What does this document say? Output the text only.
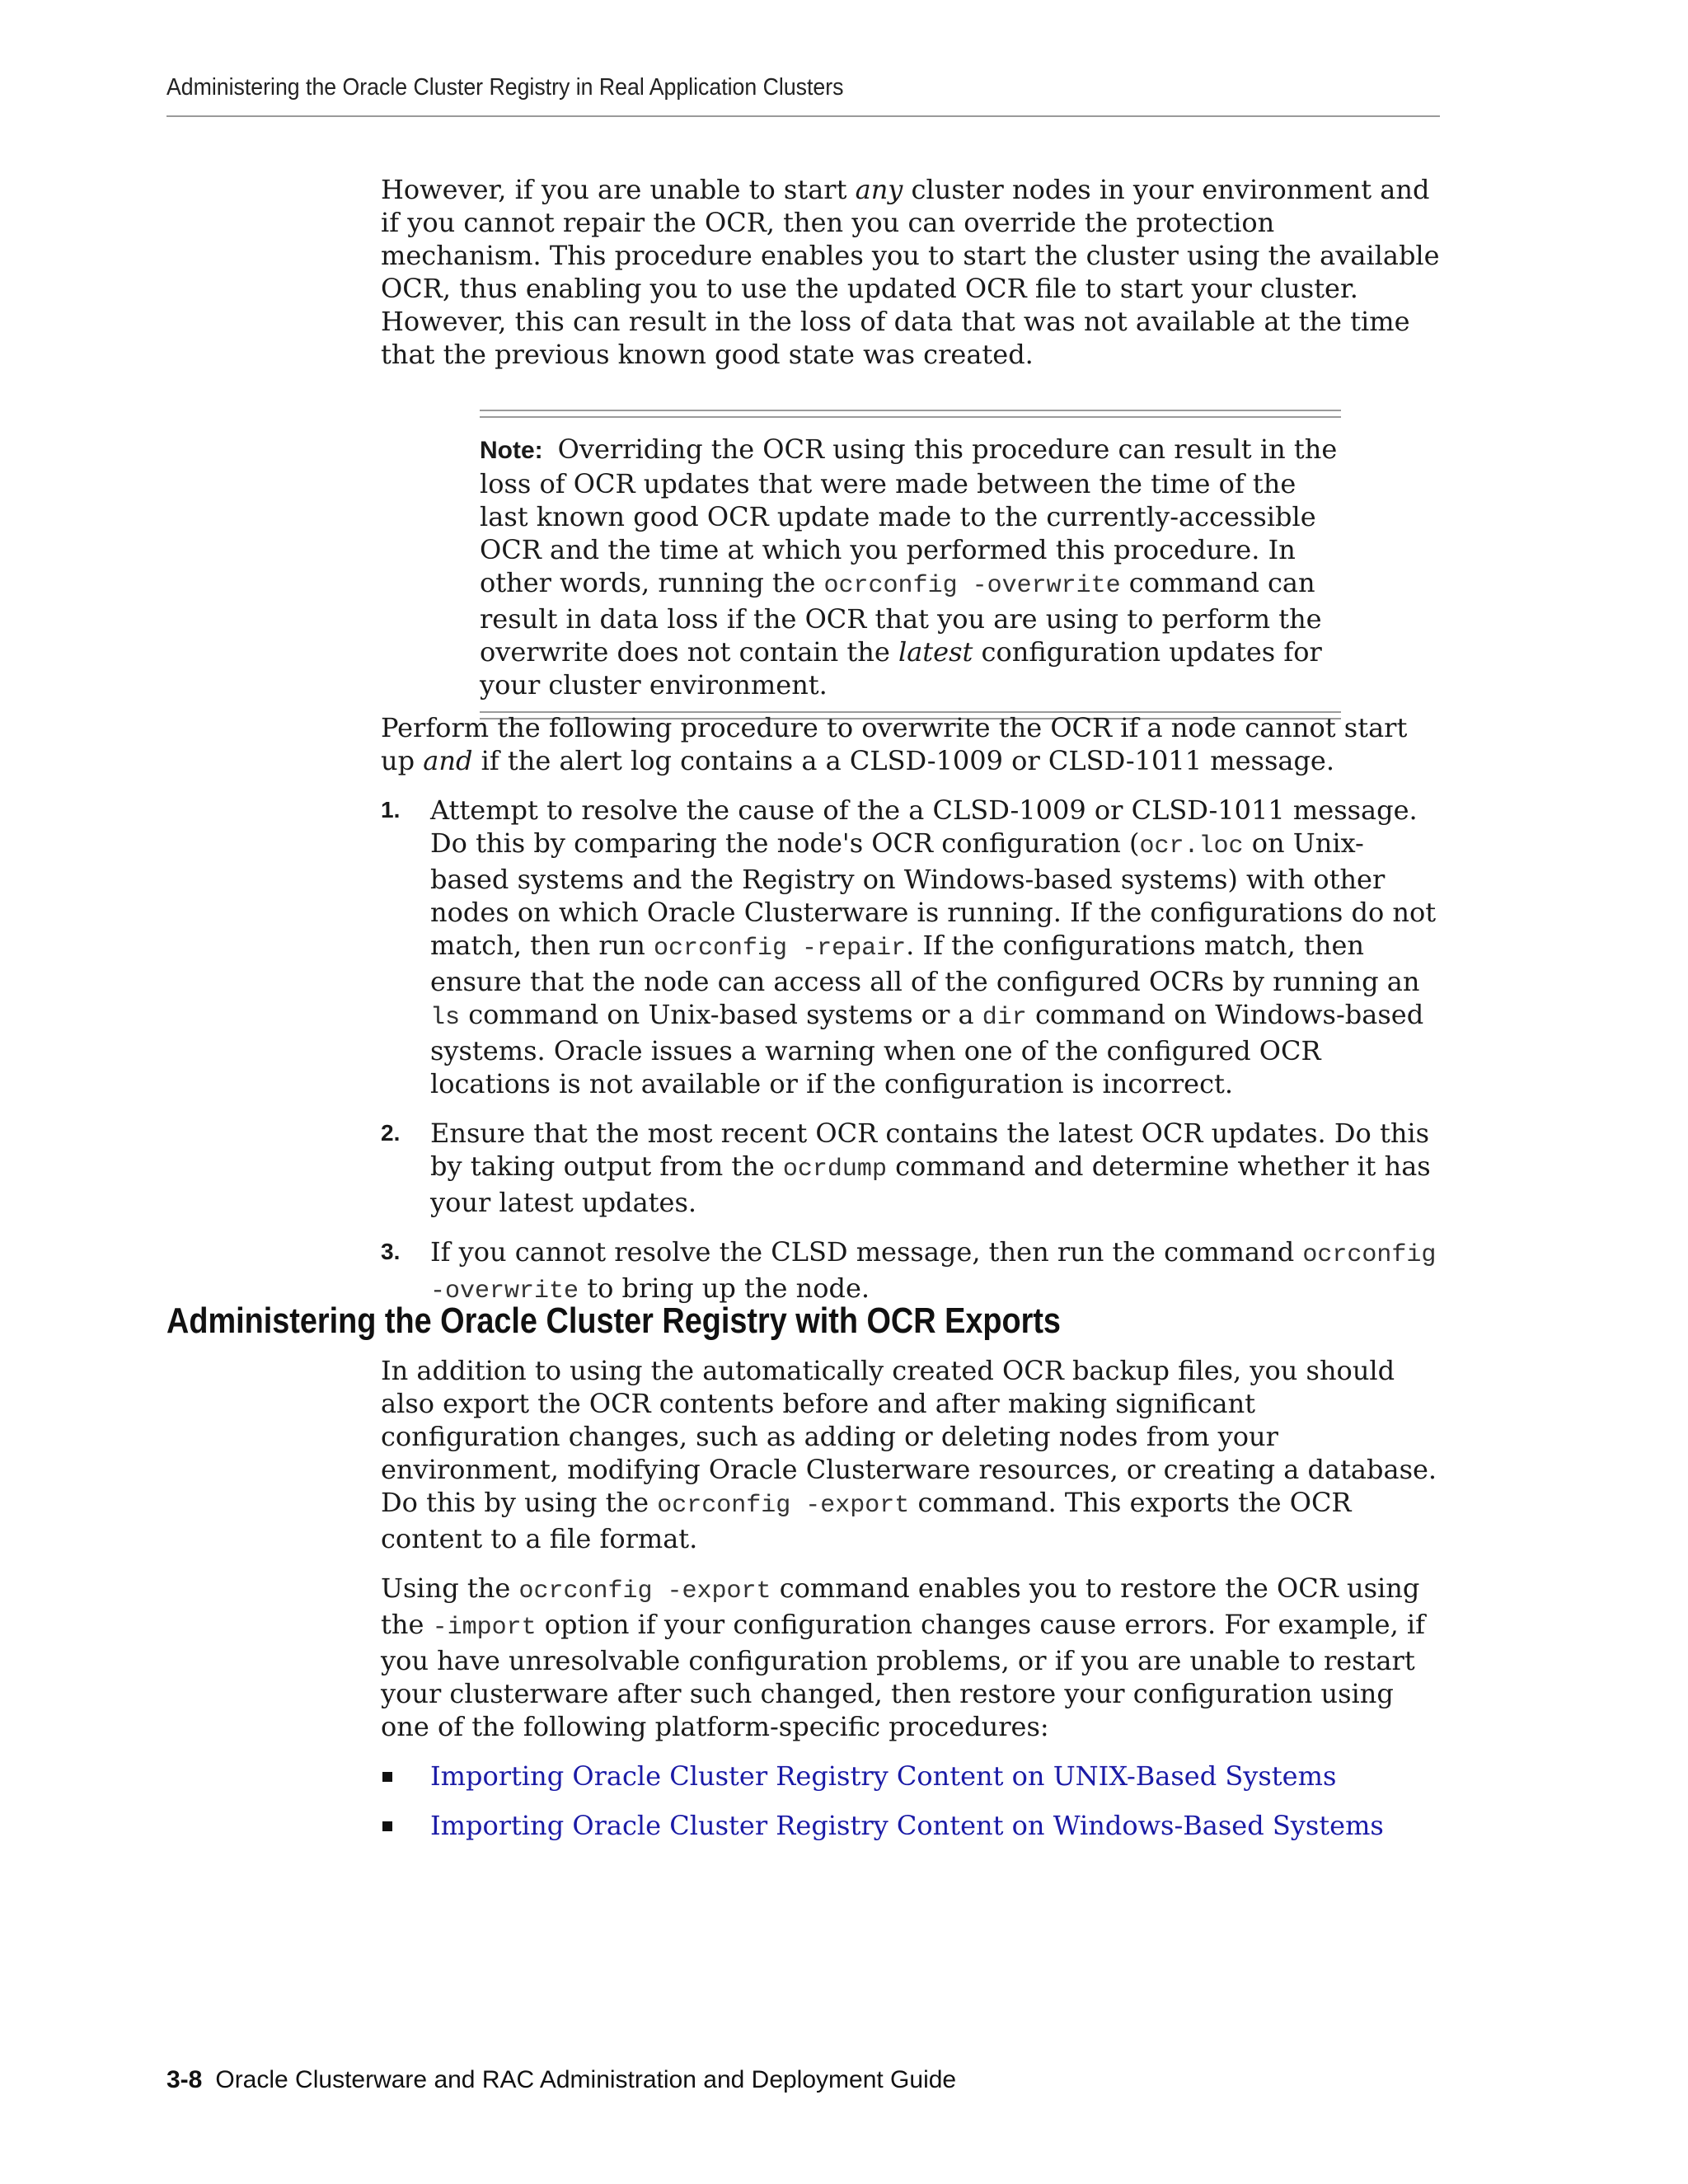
Administering the Oracle Cluster Registry in Real Application Clusters

However, if you are unable to start any cluster nodes in your environment and if you cannot repair the OCR, then you can override the protection mechanism. This procedure enables you to start the cluster using the available OCR, thus enabling you to use the updated OCR file to start your cluster. However, this can result in the loss of data that was not available at the time that the previous known good state was created.

Note: Overriding the OCR using this procedure can result in the loss of OCR updates that were made between the time of the last known good OCR update made to the currently-accessible OCR and the time at which you performed this procedure. In other words, running the ocrconfig -overwrite command can result in data loss if the OCR that you are using to perform the overwrite does not contain the latest configuration updates for your cluster environment.

Perform the following procedure to overwrite the OCR if a node cannot start up and if the alert log contains a a CLSD-1009 or CLSD-1011 message.

1. Attempt to resolve the cause of the a CLSD-1009 or CLSD-1011 message. Do this by comparing the node's OCR configuration (ocr.loc on Unix-based systems and the Registry on Windows-based systems) with other nodes on which Oracle Clusterware is running. If the configurations do not match, then run ocrconfig -repair. If the configurations match, then ensure that the node can access all of the configured OCRs by running an ls command on Unix-based systems or a dir command on Windows-based systems. Oracle issues a warning when one of the configured OCR locations is not available or if the configuration is incorrect.
2. Ensure that the most recent OCR contains the latest OCR updates. Do this by taking output from the ocrdump command and determine whether it has your latest updates.
3. If you cannot resolve the CLSD message, then run the command ocrconfig -overwrite to bring up the node.
Administering the Oracle Cluster Registry with OCR Exports

In addition to using the automatically created OCR backup files, you should also export the OCR contents before and after making significant configuration changes, such as adding or deleting nodes from your environment, modifying Oracle Clusterware resources, or creating a database. Do this by using the ocrconfig -export command. This exports the OCR content to a file format.

Using the ocrconfig -export command enables you to restore the OCR using the -import option if your configuration changes cause errors. For example, if you have unresolvable configuration problems, or if you are unable to restart your clusterware after such changed, then restore your configuration using one of the following platform-specific procedures:

Importing Oracle Cluster Registry Content on UNIX-Based Systems
Importing Oracle Cluster Registry Content on Windows-Based Systems
3-8 Oracle Clusterware and RAC Administration and Deployment Guide
